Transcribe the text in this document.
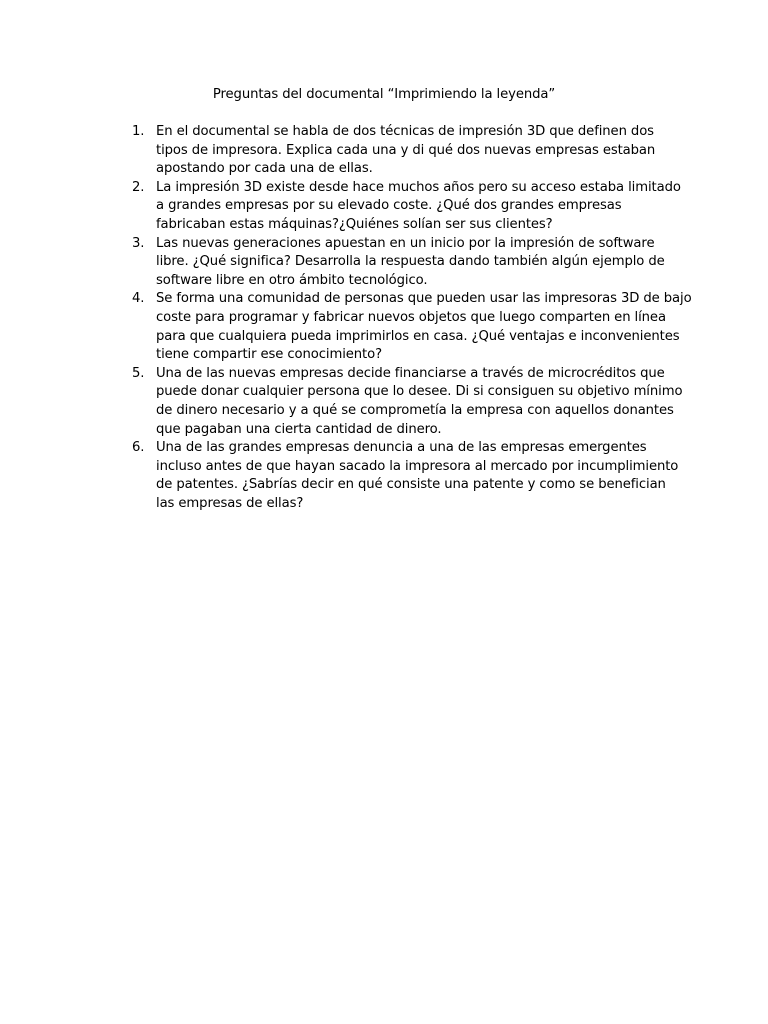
Preguntas del documental “Imprimiendo la leyenda”
1. En el documental se habla de dos técnicas de impresión 3D que definen dos
tipos de impresora. Explica cada una y di qué dos nuevas empresas estaban
apostando por cada una de ellas.
2. La impresión 3D existe desde hace muchos años pero su acceso estaba limitado
a grandes empresas por su elevado coste. ¿Qué dos grandes empresas
fabricaban estas máquinas?¿Quiénes solían ser sus clientes?
3. Las nuevas generaciones apuestan en un inicio por la impresión de software
libre. ¿Qué significa? Desarrolla la respuesta dando también algún ejemplo de
software libre en otro ámbito tecnológico.
4. Se forma una comunidad de personas que pueden usar las impresoras 3D de bajo
coste para programar y fabricar nuevos objetos que luego comparten en línea
para que cualquiera pueda imprimirlos en casa. ¿Qué ventajas e inconvenientes
tiene compartir ese conocimiento?
5. Una de las nuevas empresas decide financiarse a través de microcréditos que
puede donar cualquier persona que lo desee. Di si consiguen su objetivo mínimo
de dinero necesario y a qué se comprometía la empresa con aquellos donantes
que pagaban una cierta cantidad de dinero.
6. Una de las grandes empresas denuncia a una de las empresas emergentes
incluso antes de que hayan sacado la impresora al mercado por incumplimiento
de patentes. ¿Sabrías decir en qué consiste una patente y como se benefician
las empresas de ellas?
